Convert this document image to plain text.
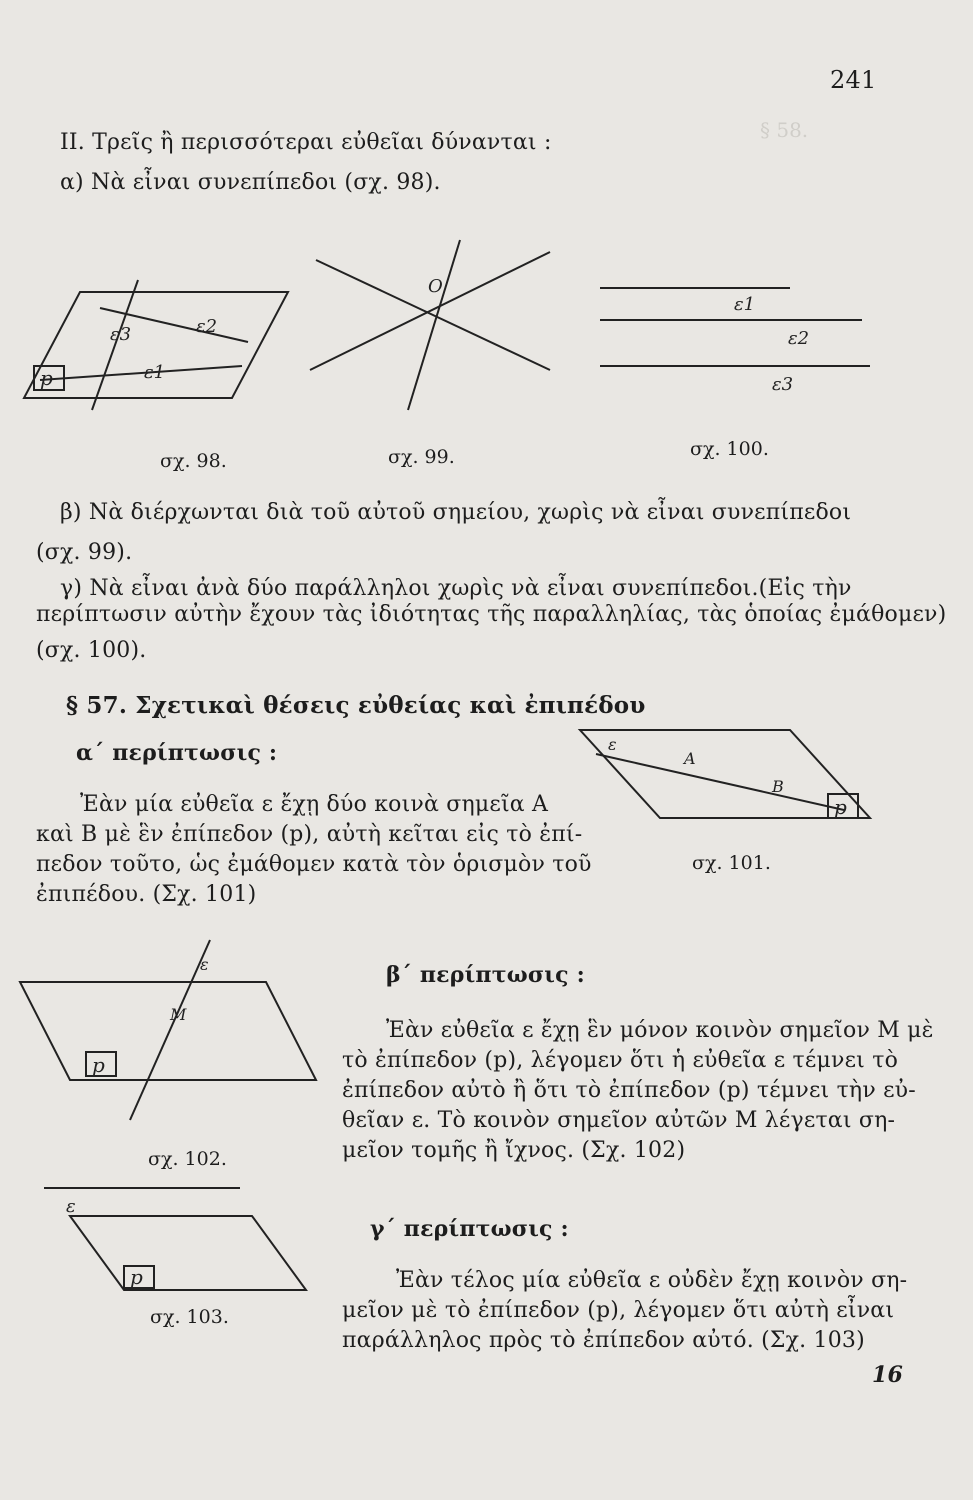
§ 58.
241
II. Τρεῖς ἢ περισσότεραι εὐθεῖαι δύνανται :
α) Νὰ εἶναι συνεπίπεδοι (σχ. 98).
p
ε3	ε2
ε1
σχ. 98.
O
σχ. 99.
ε1
ε2
ε3
σχ. 100.
β) Νὰ διέρχωνται διὰ τοῦ αὐτοῦ σημείου, χωρὶς νὰ εἶναι συνεπίπεδοι
(σχ. 99).
γ) Νὰ εἶναι ἀνὰ δύο παράλληλοι χωρὶς νὰ εἶναι συνεπίπεδοι.(Εἰς τὴν
περίπτωσιν αὐτὴν ἔχουν τὰς ἰδιότητας τῆς παραλληλίας, τὰς ὁποίας ἐμάθομεν)
(σχ. 100).
§ 57. Σχετικαὶ θέσεις εὐθείας καὶ ἐπιπέδου
α΄ περίπτωσις :
Ἐὰν μία εὐθεῖα ε ἔχῃ δύο κοινὰ σημεῖα Α
καὶ Β μὲ ἓν ἐπίπεδον (p), αὐτὴ κεῖται εἰς τὸ ἐπί-
πεδον τοῦτο, ὡς ἐμάθομεν κατὰ τὸν ὁρισμὸν τοῦ
ἐπιπέδου. (Σχ. 101)
p
ε
A
B
σχ. 101.
p
ε
M
σχ. 102.
β΄ περίπτωσις :
Ἐὰν εὐθεῖα ε ἔχῃ ἓν μόνον κοινὸν σημεῖον Μ μὲ
τὸ ἐπίπεδον (p), λέγομεν ὅτι ἡ εὐθεῖα ε τέμνει τὸ
ἐπίπεδον αὐτὸ ἢ ὅτι τὸ ἐπίπεδον (p) τέμνει τὴν εὐ-
θεῖαν ε. Τὸ κοινὸν σημεῖον αὐτῶν Μ λέγεται ση-
μεῖον τομῆς ἢ ἴχνος. (Σχ. 102)
ε
p
σχ. 103.
γ΄ περίπτωσις :
Ἐὰν τέλος μία εὐθεῖα ε οὐδὲν ἔχῃ κοινὸν ση-
μεῖον μὲ τὸ ἐπίπεδον (p), λέγομεν ὅτι αὐτὴ εἶναι
παράλληλος πρὸς τὸ ἐπίπεδον αὐτό. (Σχ. 103)
16
